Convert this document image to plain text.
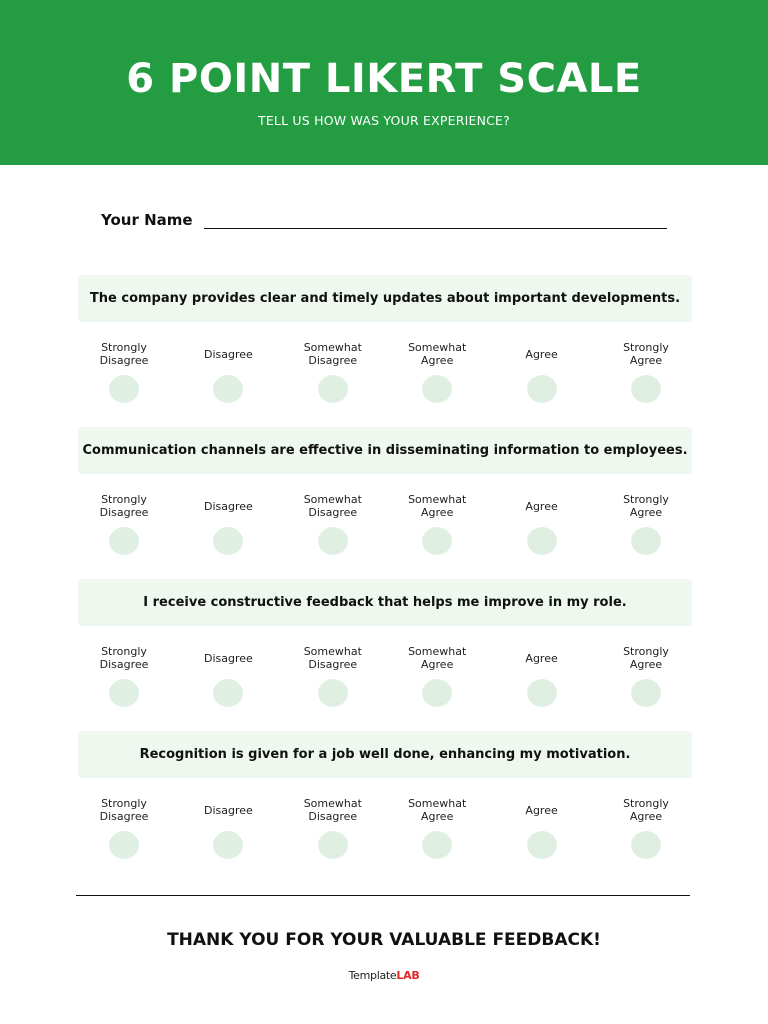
6 POINT LIKERT SCALE
TELL US HOW WAS YOUR EXPERIENCE?
Your Name
The company provides clear and timely updates about important developments.
Strongly
Disagree	Disagree	Somewhat
Disagree
Somewhat
Agree	Agree	Strongly
Agree
Communication channels are effective in disseminating information to employees.
Strongly
Disagree	Disagree	Somewhat
Disagree
Somewhat
Agree	Agree	Strongly
Agree
I receive constructive feedback that helps me improve in my role.
Strongly
Disagree	Disagree	Somewhat
Disagree
Somewhat
Agree	Agree	Strongly
Agree
Recognition is given for a job well done, enhancing my motivation.
Strongly
Disagree	Disagree	Somewhat
Disagree
Somewhat
Agree	Agree	Strongly
Agree
THANK YOU FOR YOUR VALUABLE FEEDBACK!
TemplateLAB
